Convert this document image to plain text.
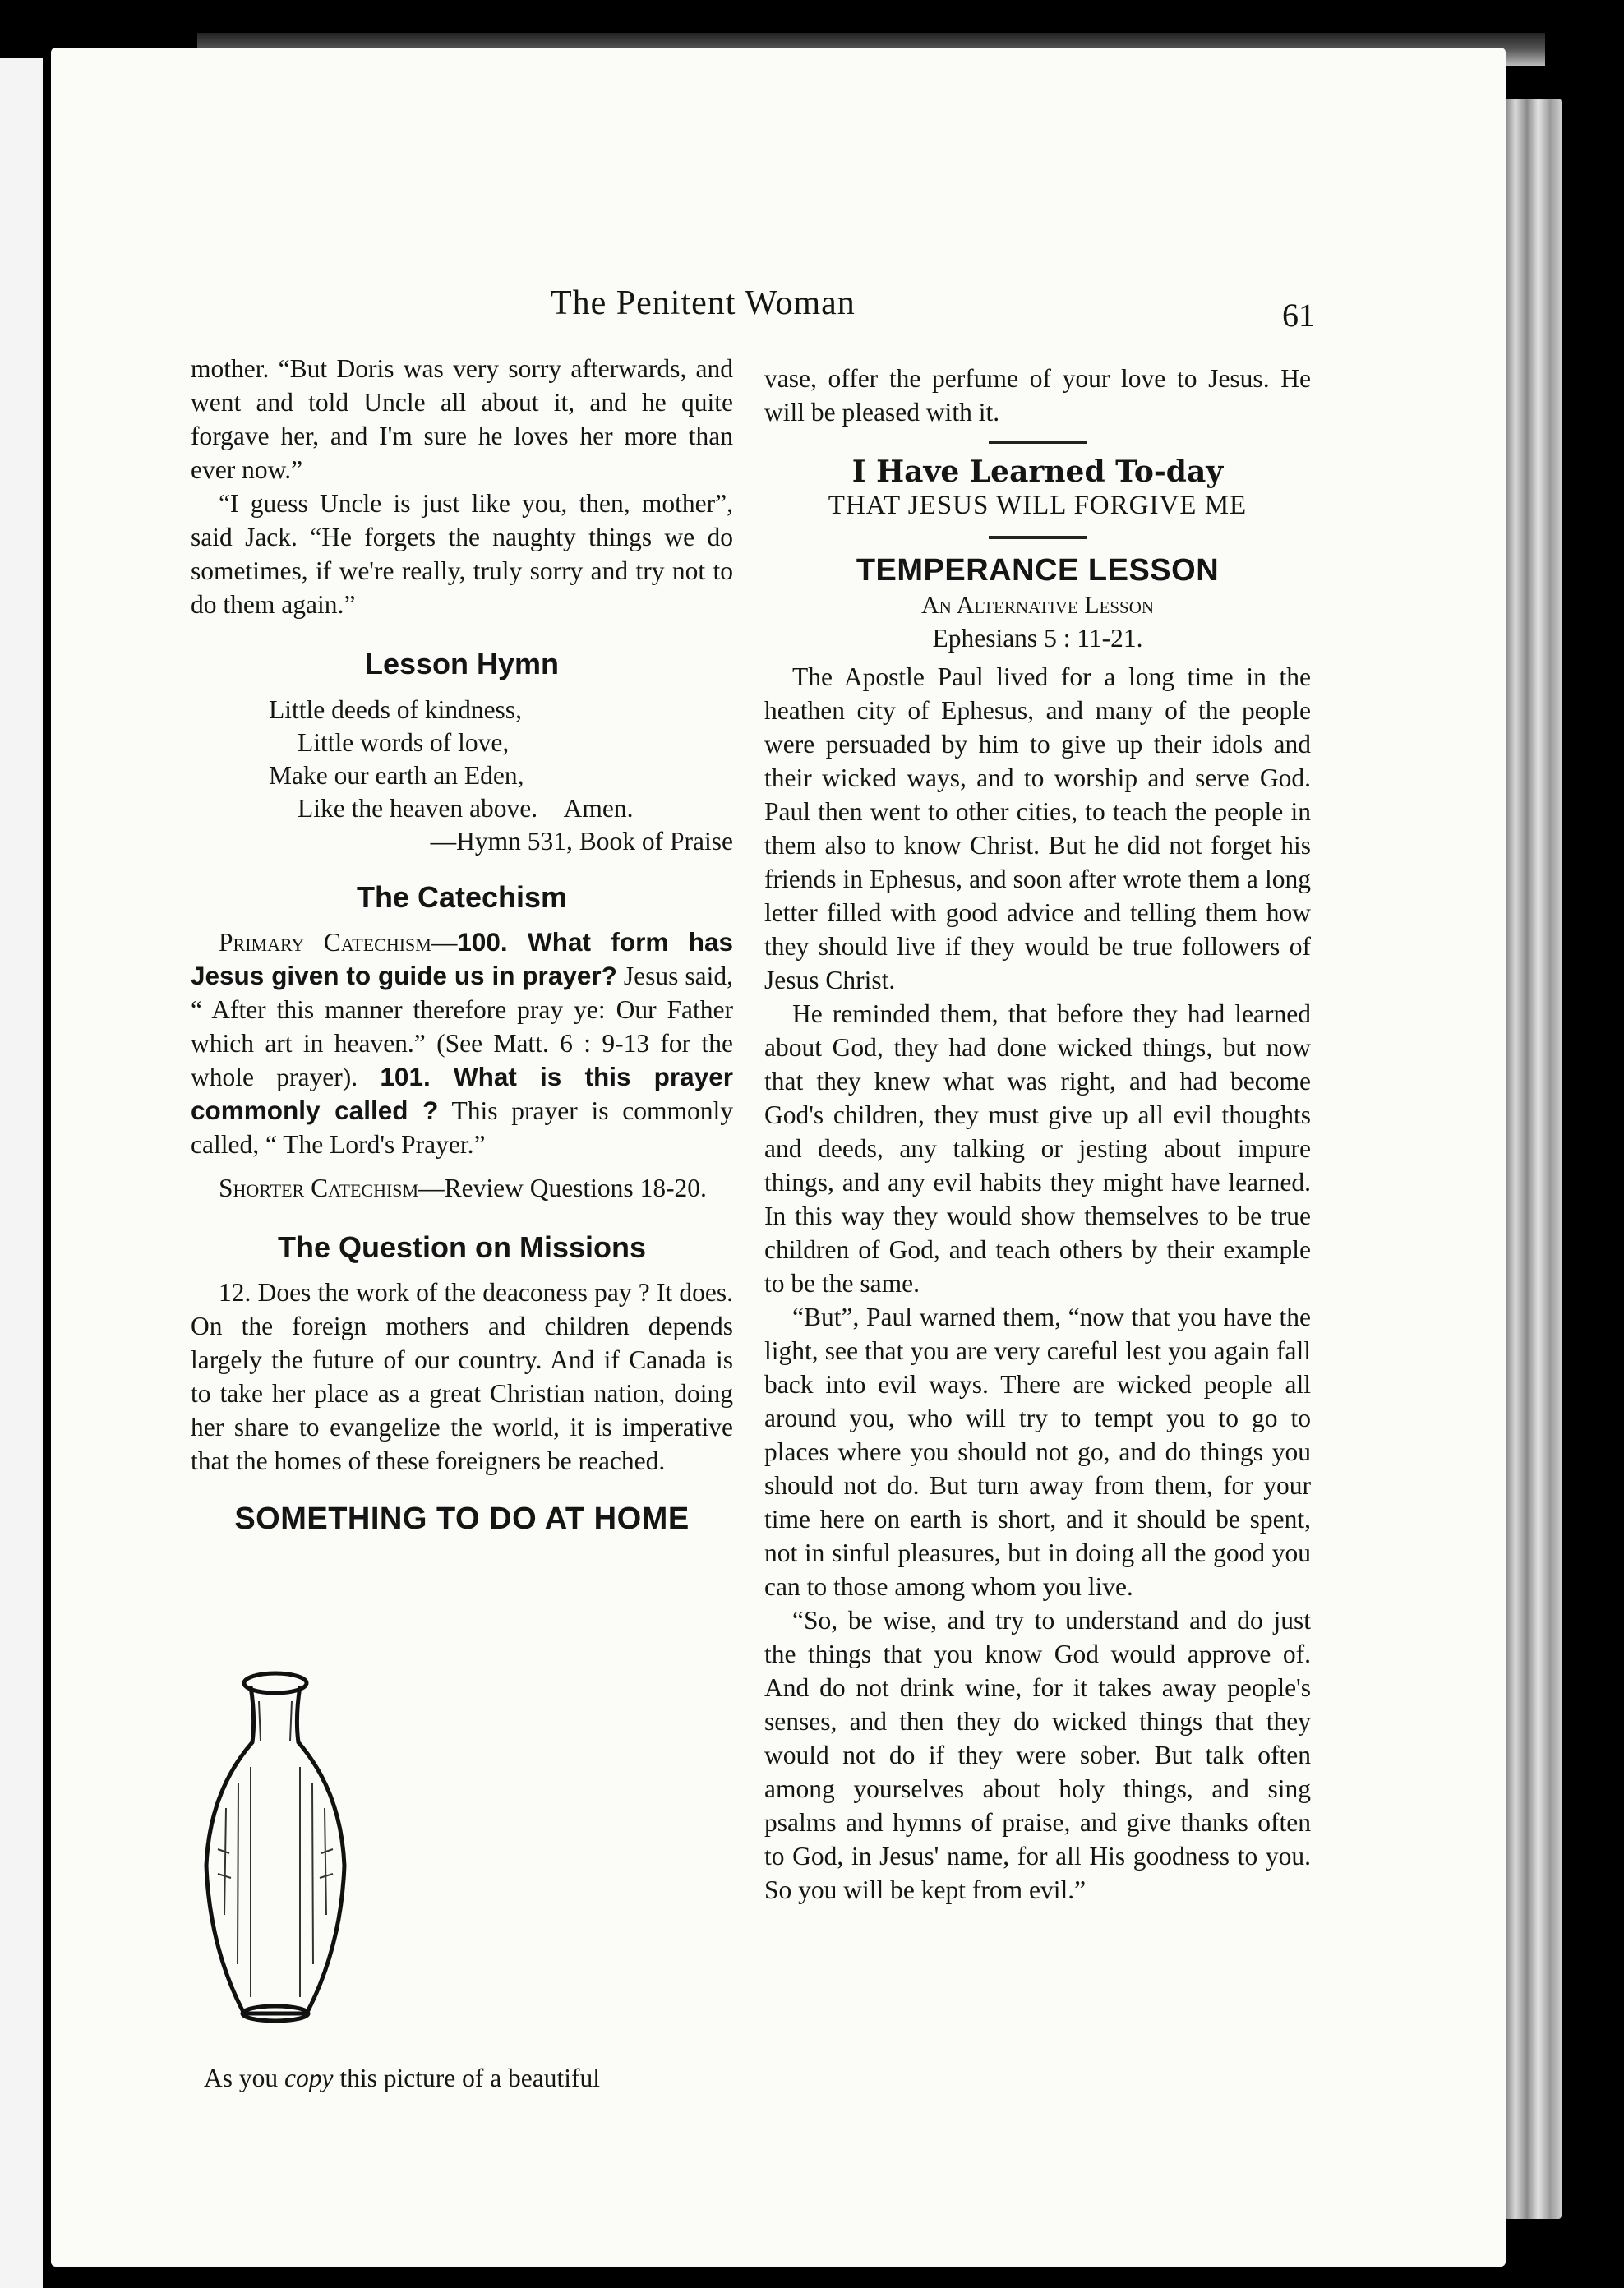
The Penitent Woman	61

mother. “But Doris was very sorry afterwards, and went and told Uncle all about it, and he quite forgave her, and I'm sure he loves her more than ever now.”

“I guess Uncle is just like you, then, mother”, said Jack. “He forgets the naughty things we do sometimes, if we're really, truly sorry and try not to do them again.”

Lesson Hymn
Little deeds of kindness,
Little words of love,
Make our earth an Eden,
Like the heaven above. Amen.
—Hymn 531, Book of Praise
The Catechism

Primary Catechism—100. What form has Jesus given to guide us in prayer? Jesus said, “ After this manner therefore pray ye: Our Father which art in heaven.” (See Matt. 6 : 9-13 for the whole prayer). 101. What is this prayer commonly called ? This prayer is commonly called, “ The Lord's Prayer.”

Shorter Catechism—Review Questions 18-20.

The Question on Missions

12. Does the work of the deaconess pay ? It does. On the foreign mothers and children depends largely the future of our country. And if Canada is to take her place as a great Christian nation, doing her share to evangelize the world, it is imperative that the homes of these foreigners be reached.

SOMETHING TO DO AT HOME
As you copy this picture of a beautiful

vase, offer the perfume of your love to Jesus. He will be pleased with it.

I Have Learned To-day
THAT JESUS WILL FORGIVE ME
TEMPERANCE LESSON
An Alternative Lesson
Ephesians 5 : 11-21.

The Apostle Paul lived for a long time in the heathen city of Ephesus, and many of the people were persuaded by him to give up their idols and their wicked ways, and to worship and serve God. Paul then went to other cities, to teach the people in them also to know Christ. But he did not forget his friends in Ephesus, and soon after wrote them a long letter filled with good advice and telling them how they should live if they would be true followers of Jesus Christ.

He reminded them, that before they had learned about God, they had done wicked things, but now that they knew what was right, and had become God's children, they must give up all evil thoughts and deeds, any talking or jesting about impure things, and any evil habits they might have learned. In this way they would show themselves to be true children of God, and teach others by their example to be the same.

“But”, Paul warned them, “now that you have the light, see that you are very careful lest you again fall back into evil ways. There are wicked people all around you, who will try to tempt you to go to places where you should not go, and do things you should not do. But turn away from them, for your time here on earth is short, and it should be spent, not in sinful pleasures, but in doing all the good you can to those among whom you live.

“So, be wise, and try to understand and do just the things that you know God would approve of. And do not drink wine, for it takes away people's senses, and then they do wicked things that they would not do if they were sober. But talk often among yourselves about holy things, and sing psalms and hymns of praise, and give thanks often to God, in Jesus' name, for all His goodness to you. So you will be kept from evil.”
